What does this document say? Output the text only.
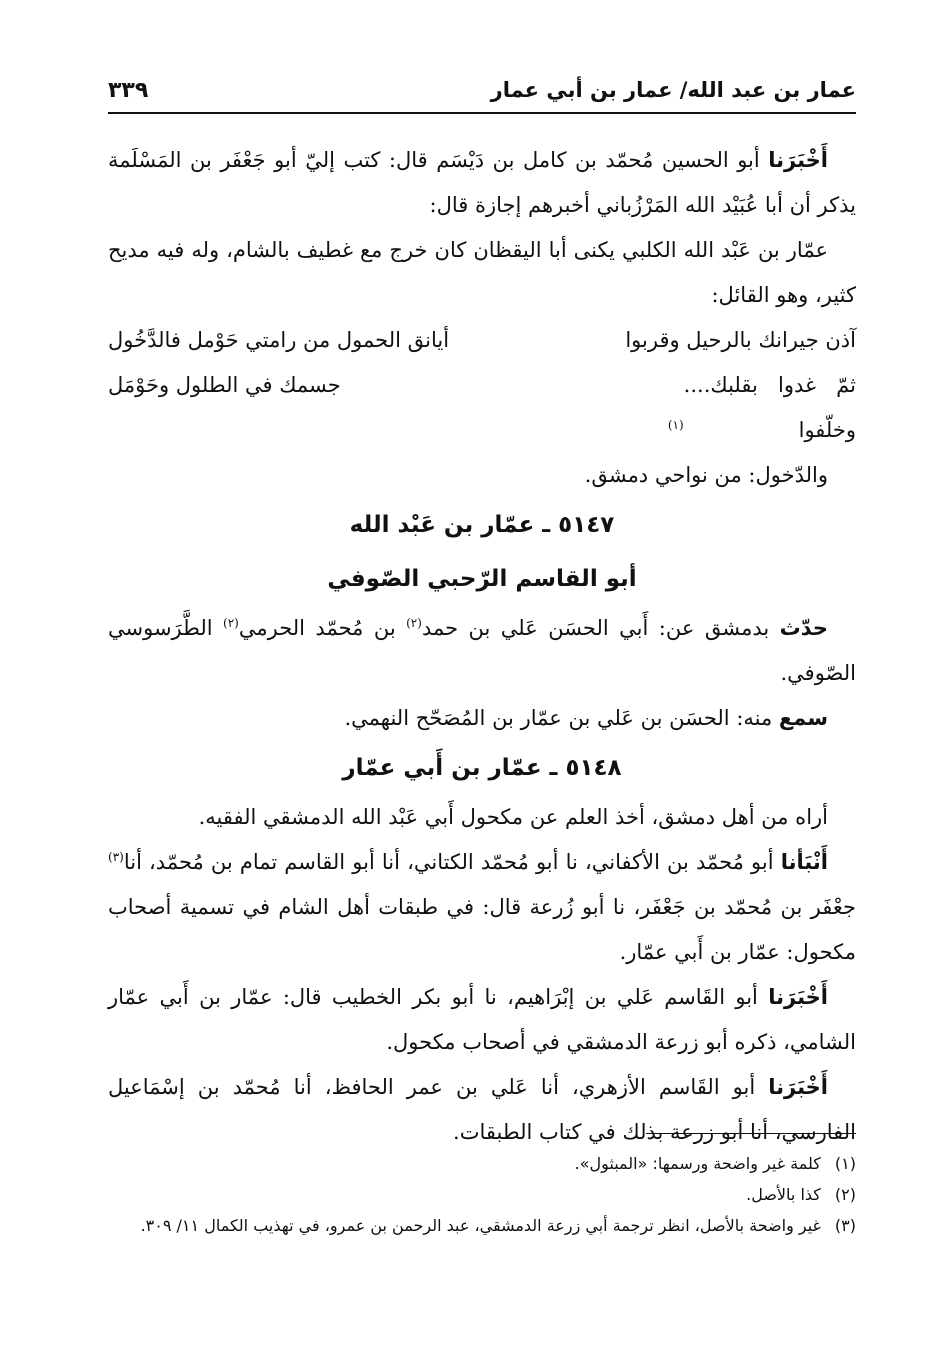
عمار بن عبد الله/ عمار بن أبي عمار
٣٣٩

أَخْبَرَنا أبو الحسين مُحمّد بن كامل بن دَيْسَم قال: كتب إليّ أبو جَعْفَر بن المَسْلَمة يذكر أن أبا عُبَيْد الله المَرْزُباني أخبرهم إجازة قال:

عمّار بن عَبْد الله الكلبي يكنى أبا اليقظان كان خرج مع غطيف بالشام، وله فيه مديح كثير، وهو القائل:

آذن جيرانك بالرحيل وقربوا
أيانق الحمول من رامتي حَوْمل فالدَّخُول
ثمّ غدوا بقلبك.... وخلّفوا$^{(١)}$
جسمك في الطلول وحَوْمَل

والدّخول: من نواحي دمشق.

٥١٤٧ ـ عمّار بن عَبْد الله

أبو القاسم الرّحبي الصّوفي

حدّث بدمشق عن: أَبي الحسَن عَلي بن حمد$^{(٢)}$ بن مُحمّد الحرمي$^{(٢)}$ الطَّرَسوسي الصّوفي.

سمع منه: الحسَن بن عَلي بن عمّار بن المُصَحّح النهمي.

٥١٤٨ ـ عمّار بن أَبي عمّار

أراه من أهل دمشق، أخذ العلم عن مكحول أَبي عَبْد الله الدمشقي الفقيه.

أَنْبَأنا أبو مُحمّد بن الأكفاني، نا أبو مُحمّد الكتاني، أنا أبو القاسم تمام بن مُحمّد، أنا$^{(٣)}$ جعْفَر بن مُحمّد بن جَعْفَر، نا أبو زُرعة قال: في طبقات أهل الشام في تسمية أصحاب مكحول: عمّار بن أَبي عمّار.

أَخْبَرَنا أبو القَاسم عَلي بن إبْرَاهيم، نا أبو بكر الخطيب قال: عمّار بن أَبي عمّار الشامي، ذكره أبو زرعة الدمشقي في أصحاب مكحول.

أَخْبَرَنا أبو القَاسم الأزهري، أنا عَلي بن عمر الحافظ، أنا مُحمّد بن إسْمَاعيل الفارسي، أنا أبو زرعة بذلك في كتاب الطبقات.

(١) كلمة غير واضحة ورسمها: «المبثول».

(٢) كذا بالأصل.

(٣) غير واضحة بالأصل، انظر ترجمة أبي زرعة الدمشقي، عبد الرحمن بن عمرو، في تهذيب الكمال ١١/ ٣٠٩.
